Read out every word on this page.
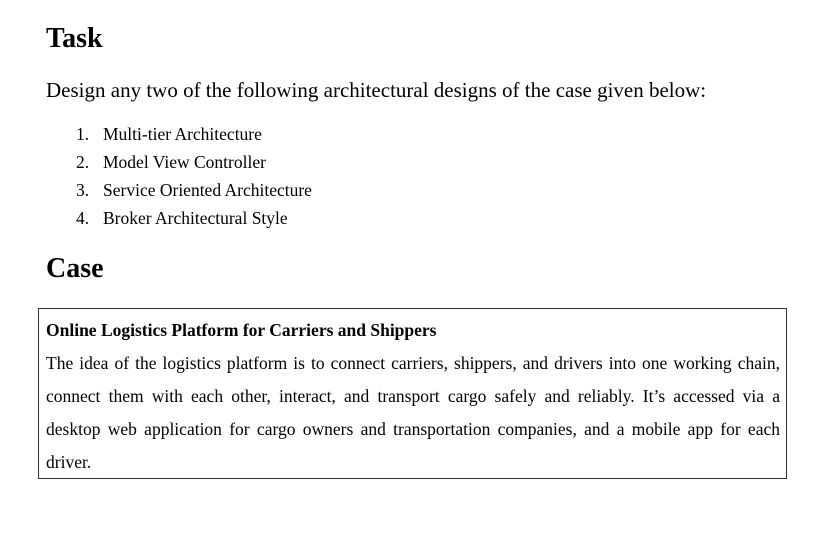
Task

Design any two of the following architectural designs of the case given below:

1. Multi-tier Architecture
2. Model View Controller
3. Service Oriented Architecture
4. Broker Architectural Style
Case

Online Logistics Platform for Carriers and Shippers

The idea of the logistics platform is to connect carriers, shippers, and drivers into one working chain, connect them with each other, interact, and transport cargo safely and reliably. It’s accessed via a desktop web application for cargo owners and transportation companies, and a mobile app for each driver.
